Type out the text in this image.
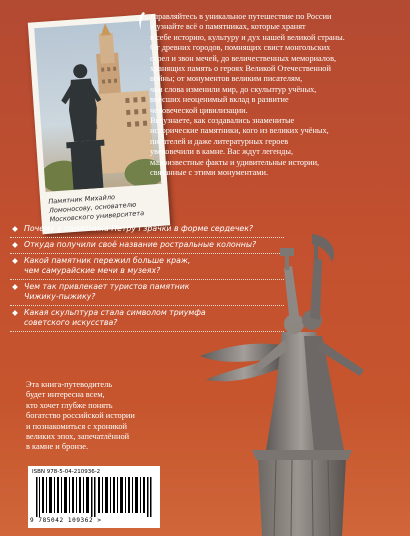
Памятник Михайло Ломоносову, основателю Московского университета

тправляйтесь в уникальное путешествие по России

и узнайте всё о памятниках, которые хранят

в себе историю, культуру и дух нашей великой страны.

От древних городов, помнящих свист монгольских

стрел и звон мечей, до величественных мемориалов,

хранящих память о героях Великой Отечественной

войны; от монументов великим писателям,

чьи слова изменили мир, до скульптур учёных,

внёсших неоценимый вклад в развитие

человеческой цивилизации.

Вы узнаете, как создавались знаменитые

исторические памятники, кого из великих учёных,

писателей и даже литературных героев

увековечили в камне. Вас ждут легенды,

малоизвестные факты и удивительные истории,

связанные с этими монументами.

Почему у памятника Петру I зрачки в форме сердечек?
Откуда получили своё название ростральные колонны?
Какой памятник пережил больше краж,
чем самурайские мечи в музеях?
Чем так привлекает туристов памятник
Чижику-пыжику?
Какая скульптура стала символом триумфа
советского искусства?
Эта книга-путеводитель
будет интересна всем,
кто хочет глубже понять
богатство российской истории
и познакомиться с хроникой
великих эпох, запечатлённой
в камне и бронзе.
ISBN 978-5-04-210936-2
9 785042 109362 >
